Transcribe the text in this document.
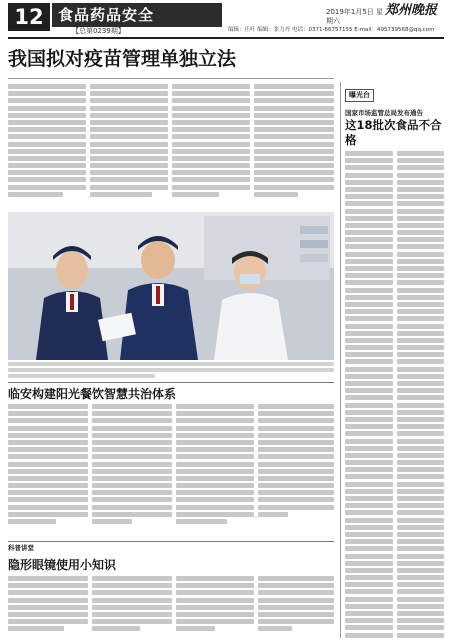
12 食品药品安全
【总第0239期】
2019年1月5日 星期六
郑州晚报
编辑：任叶 编辑：张力丹 电话：0371-66757155 E-mail：495739568@qq.com
我国拟对疫苗管理单独立法
临安构建阳光餐饮智慧共治体系
科普讲堂
隐形眼镜使用小知识
曝光台
国家市场监管总局发布通告
这18批次食品不合格
